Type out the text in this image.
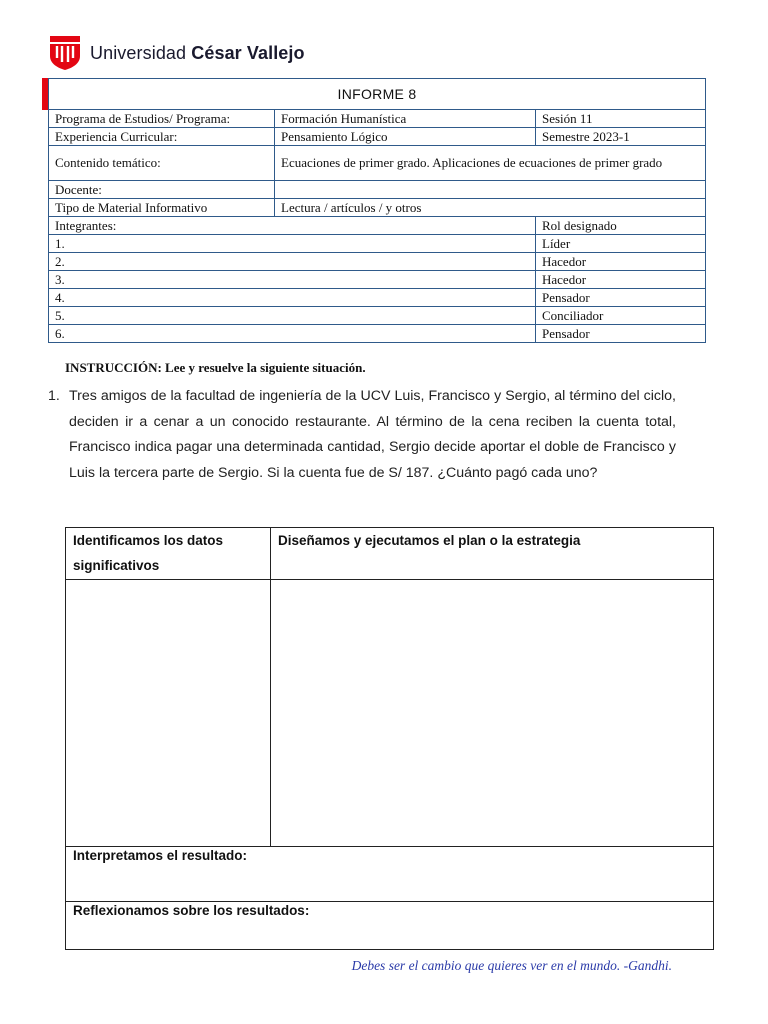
Universidad César Vallejo
INFORME 8		
Programa de Estudios/ Programa:	Formación Humanística	Sesión 11
Experiencia Curricular:	Pensamiento Lógico	Semestre 2023-1
Contenido temático:	Ecuaciones de primer grado. Aplicaciones de ecuaciones de primer grado	
Docente:		
Tipo de Material Informativo	Lectura / artículos / y otros	
Integrantes:		Rol designado
1.		Líder
2.		Hacedor
3.		Hacedor
4.		Pensador
5.		Conciliador
6.		Pensador
INSTRUCCIÓN: Lee y resuelve la siguiente situación.
1. Tres amigos de la facultad de ingeniería de la UCV Luis, Francisco y Sergio, al término del ciclo, deciden ir a cenar a un conocido restaurante. Al término de la cena reciben la cuenta total, Francisco indica pagar una determinada cantidad, Sergio decide aportar el doble de Francisco y Luis la tercera parte de Sergio. Si la cuenta fue de S/ 187. ¿Cuánto pagó cada uno?
Identificamos los datos significativos	Diseñamos y ejecutamos el plan o la estrategia

Interpretamos el resultado:	
Reflexionamos sobre los resultados:	
Debes ser el cambio que quieres ver en el mundo. -Gandhi.
